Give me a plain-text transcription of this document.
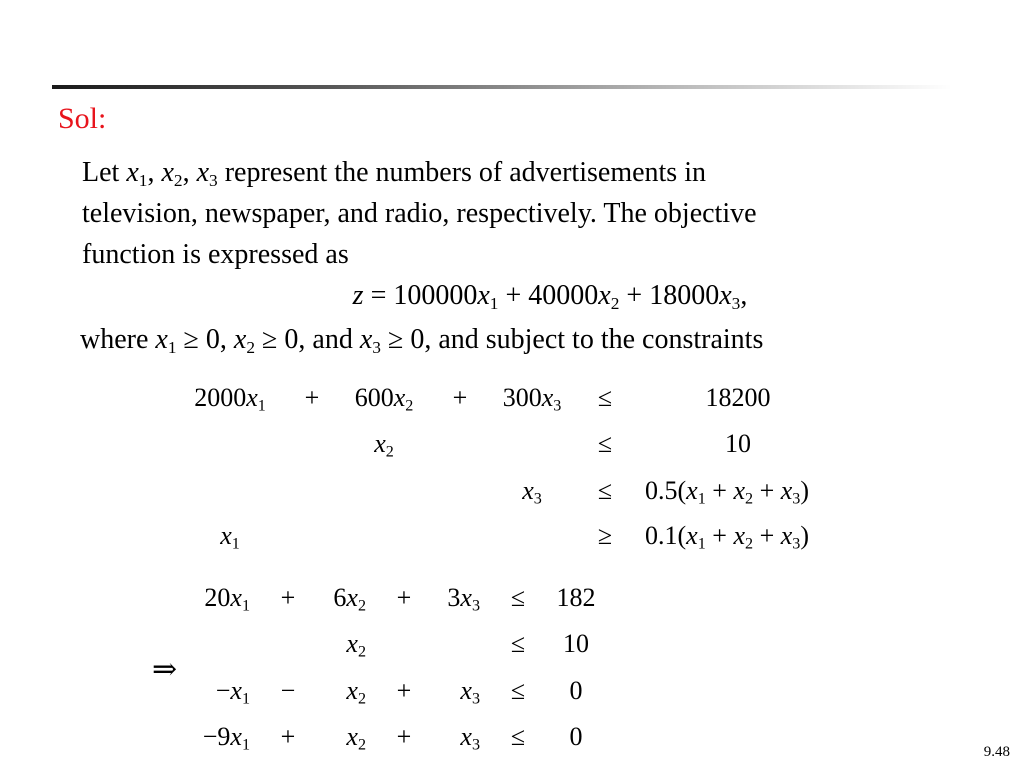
Sol:
Let $x_1$, $x_2$, $x_3$ represent the numbers of advertisements in
television, newspaper, and radio, respectively. The objective
function is expressed as
$z = 100000x_1 + 40000x_2 + 18000x_3$,
where $x_1 \ge 0$, $x_2 \ge 0$, and $x_3 \ge 0$, and subject to the constraints
$2000x_1 + 600x_2 + 300x_3$ ≤	18200
$x_2$	≤	10
$x_3 \le 0.5(x_1 + x_2 + x_3)$
$x_1$	≥ $0.1(x_1 + x_2 + x_3)$
⇒
$20x_1 + 6x_2 + 3x_3 \le 182$
$x_2$	≤ 10
$-x_1 - x_2 + x_3 \le 0$
$-9x_1 + x_2 + x_3 \le 0$
9.48
